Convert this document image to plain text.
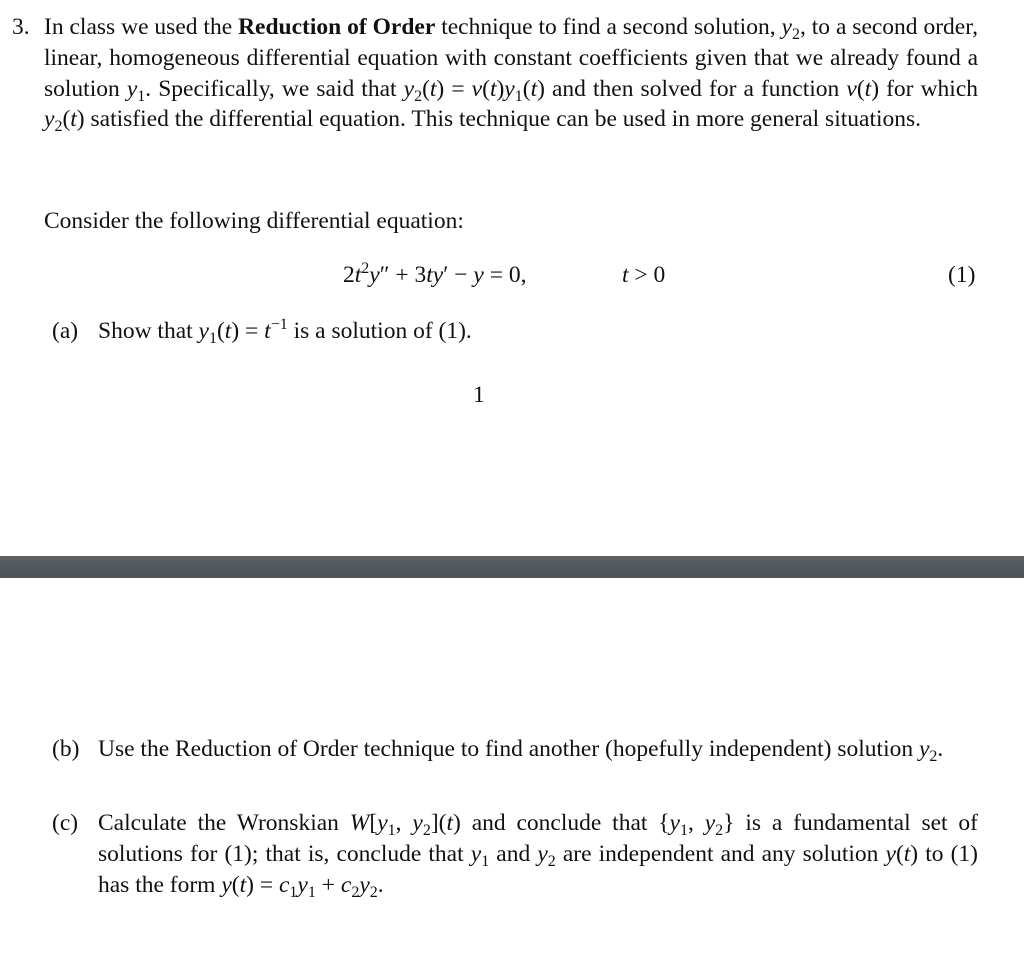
3. In class we used the Reduction of Order technique to find a second solution, $y_2$, to a second order, linear, homogeneous differential equation with constant coefficients given that we already found a solution $y_1$. Specifically, we said that $y_2(t) = v(t)y_1(t)$ and then solved for a function v(t) for which $y_2(t)$ satisfied the differential equation. This technique can be used in more general situations.
Consider the following differential equation:
$2t^2y'' + 3ty' - y = 0$,	t > 0	(1)
(a) Show that $y_1(t) = t^{-1}$ is a solution of (1).
1
(b) Use the Reduction of Order technique to find another (hopefully independent) solution $y_2$.
(c) Calculate the Wronskian $W[y_1$, $y_2](t)$ and conclude that {$y_1$, $y_2$} is a fundamental set of solutions for (1); that is, conclude that $y_1$ and $y_2$ are independent and any solution y(t) to (1) has the form $y(t) = c_1y_1 + c_2y_2$.
